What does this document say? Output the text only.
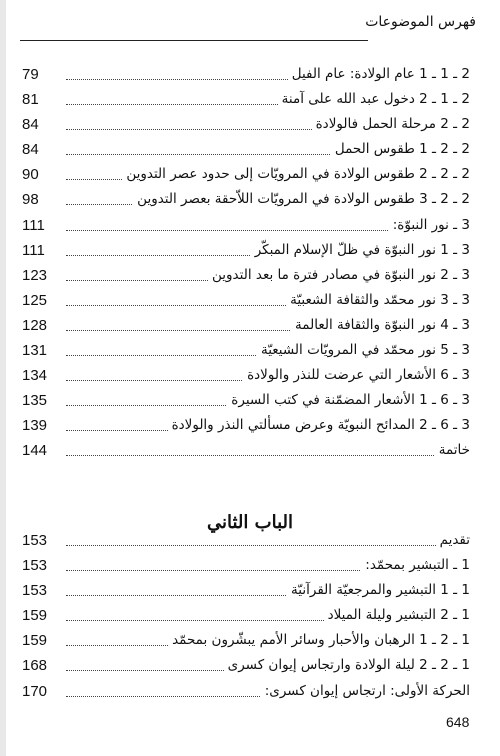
فهرس الموضوعات
2 ـ 1 ـ 1 عام الولادة: عام الفيل
79
2 ـ 1 ـ 2 دخول عبد الله على آمنة
81
2 ـ 2 مرحلة الحمل فالولادة
84
2 ـ 2 ـ 1 طقوس الحمل
84
2 ـ 2 ـ 2 طقوس الولادة في المرويّات إلى حدود عصر التدوين
90
2 ـ 2 ـ 3 طقوس الولادة في المرويّات اللاّحقة بعصر التدوين
98
3 ـ نور النبوّة:
111
3 ـ 1 نور النبوّة في ظلّ الإسلام المبكّر
111
3 ـ 2 نور النبوّة في مصادر فترة ما بعد التدوين
123
3 ـ 3 نور محمّد والثقافة الشعبيّة
125
3 ـ 4 نور النبوّة والثقافة العالمة
128
3 ـ 5 نور محمّد في المرويّات الشيعيّة
131
3 ـ 6 الأشعار التي عرضت للنذر والولادة
134
3 ـ 6 ـ 1 الأشعار المضمّنة في كتب السيرة
135
3 ـ 6 ـ 2 المدائح النبويّة وعرض مسألتي النذر والولادة
139
خاتمة
144
الباب الثاني
تقديم
153
1 ـ التبشير بمحمّد:
153
1 ـ 1 التبشير والمرجعيّة القرآنيّة
153
1 ـ 2 التبشير وليلة الميلاد
159
1 ـ 2 ـ 1 الرهبان والأحبار وسائر الأمم يبشّرون بمحمّد
159
1 ـ 2 ـ 2 ليلة الولادة وارتجاس إيوان كسرى
168
الحركة الأولى: ارتجاس إيوان كسرى:
170
648
